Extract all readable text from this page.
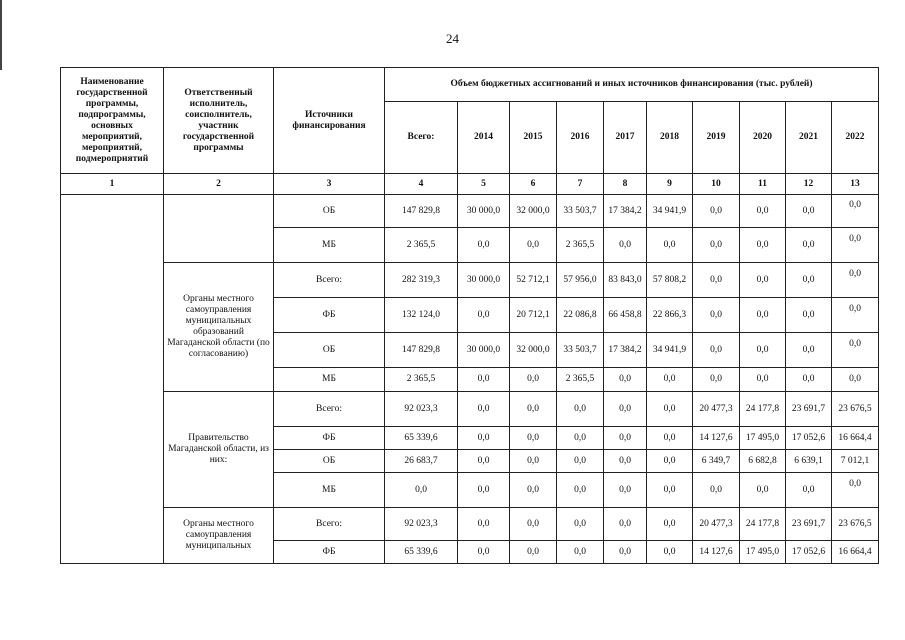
24
Наименование государственной программы, подпрограммы, основных мероприятий, мероприятий, подмероприятий	Ответственный исполнитель, соисполнитель, участник государственной программы	Источники финансирования	Объем бюджетных ассигнований и иных источников финансирования (тыс. рублей)									
			Всего:	2014	2015	2016	2017	2018	2019	2020	2021	2022
1	2	3	4	5	6	7	8	9	10	11	12	13
		ОБ	147 829,8	30 000,0	32 000,0	33 503,7	17 384,2	34 941,9	0,0	0,0	0,0	0,0
		МБ	2 365,5	0,0	0,0	2 365,5	0,0	0,0	0,0	0,0	0,0	0,0
	Органы местного самоуправления муниципальных образований Магаданской области (по согласованию)	Всего:	282 319,3	30 000,0	52 712,1	57 956,0	83 843,0	57 808,2	0,0	0,0	0,0	0,0
		ФБ	132 124,0	0,0	20 712,1	22 086,8	66 458,8	22 866,3	0,0	0,0	0,0	0,0
		ОБ	147 829,8	30 000,0	32 000,0	33 503,7	17 384,2	34 941,9	0,0	0,0	0,0	0,0
		МБ	2 365,5	0,0	0,0	2 365,5	0,0	0,0	0,0	0,0	0,0	0,0
	Правительство Магаданской области, из них:	Всего:	92 023,3	0,0	0,0	0,0	0,0	0,0	20 477,3	24 177,8	23 691,7	23 676,5
		ФБ	65 339,6	0,0	0,0	0,0	0,0	0,0	14 127,6	17 495,0	17 052,6	16 664,4
		ОБ	26 683,7	0,0	0,0	0,0	0,0	0,0	6 349,7	6 682,8	6 639,1	7 012,1
		МБ	0,0	0,0	0,0	0,0	0,0	0,0	0,0	0,0	0,0	0,0
	Органы местного самоуправления муниципальных	Всего:	92 023,3	0,0	0,0	0,0	0,0	0,0	20 477,3	24 177,8	23 691,7	23 676,5
		ФБ	65 339,6	0,0	0,0	0,0	0,0	0,0	14 127,6	17 495,0	17 052,6	16 664,4
